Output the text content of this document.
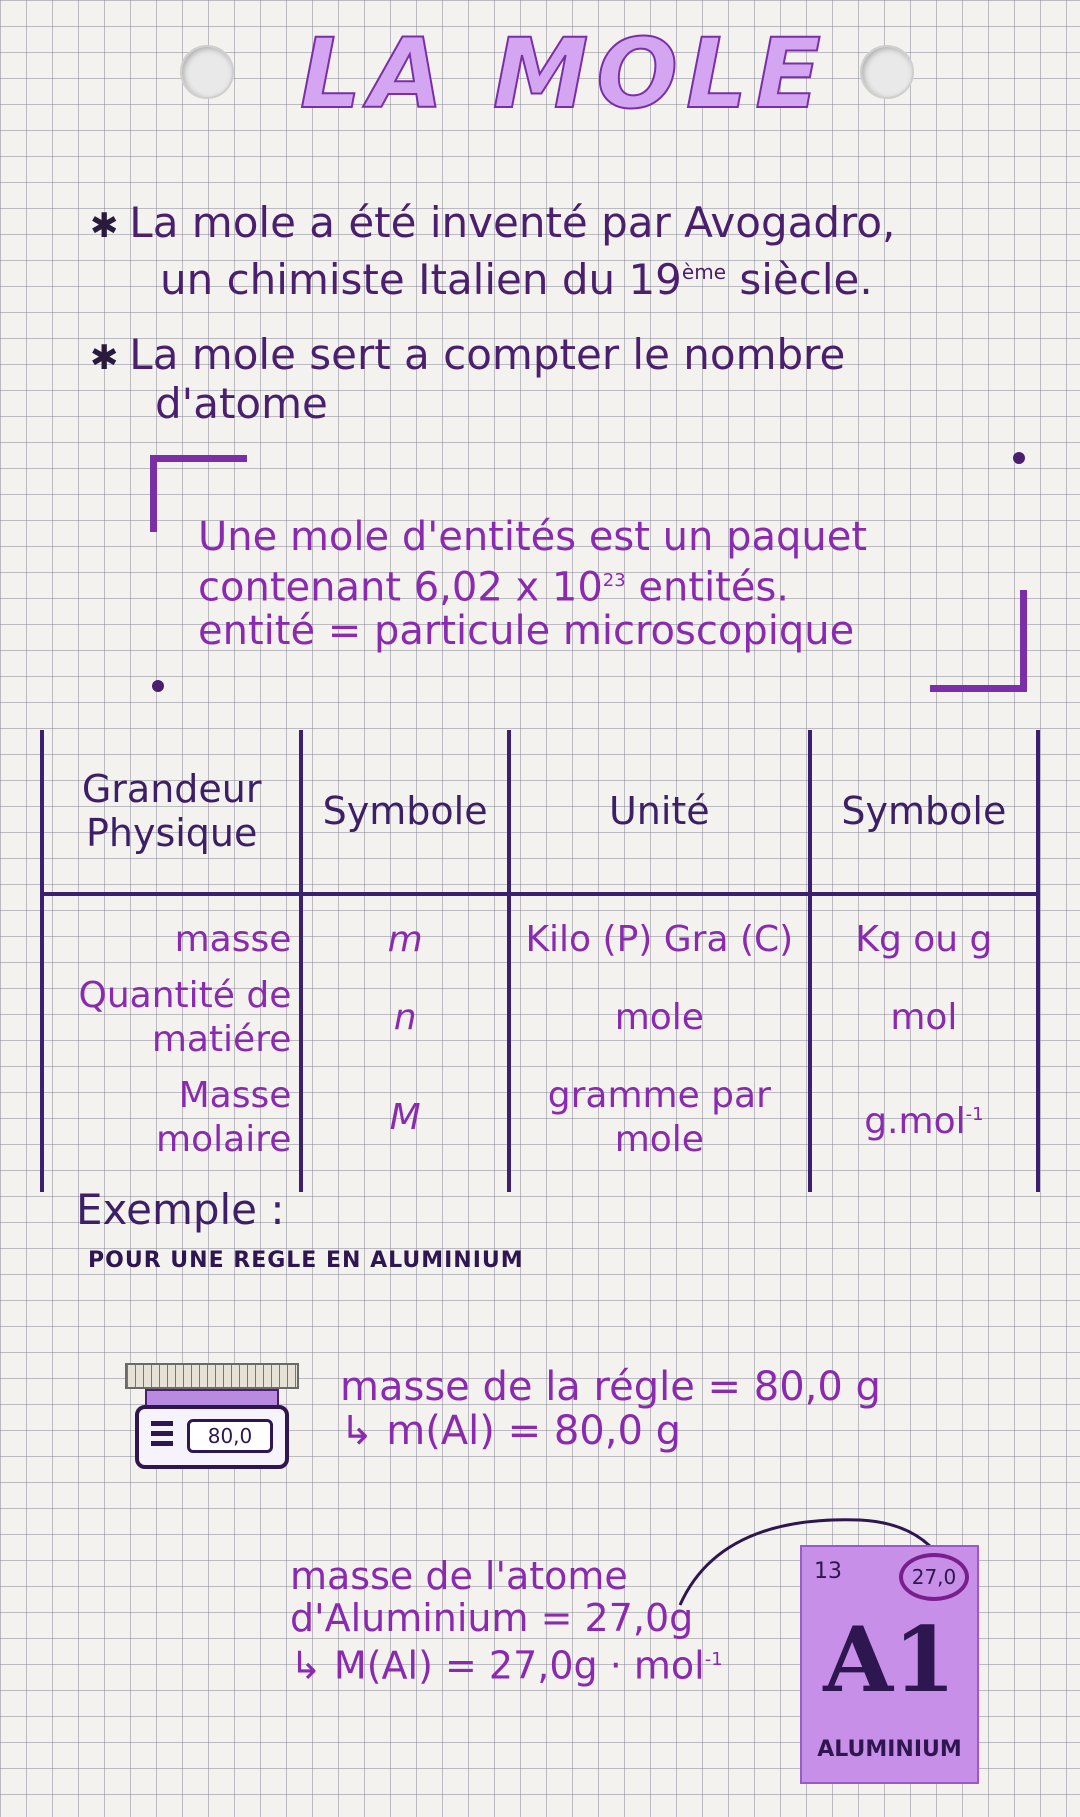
LA MOLE
✱ La mole a été inventé par Avogadro,
un chimiste Italien du 19ème siècle.
✱ La mole sert a compter le nombre
d'atome
Une mole d'entités est un paquet
contenant 6,02 x $10^{23}$ entités.
entité = particule microscopique
Grandeur Physique	Symbole	Unité	Symbole
masse	m	Kilo (P) Gra (C)	Kg ou g
Quantité de matiére	n	mole	mol
Masse molaire	M	gramme par mole	g.mol$^{-1}$
Exemple :
POUR UNE REGLE EN ALUMINIUM
80,0
masse de la régle = 80,0 g
↳ m(Al) = 80,0 g
masse de l'atome
d'Aluminium = 27,0g
↳ M(Al) = 27,0g · mol$^{-1}$
13	27,0
A1
ALUMINIUM
